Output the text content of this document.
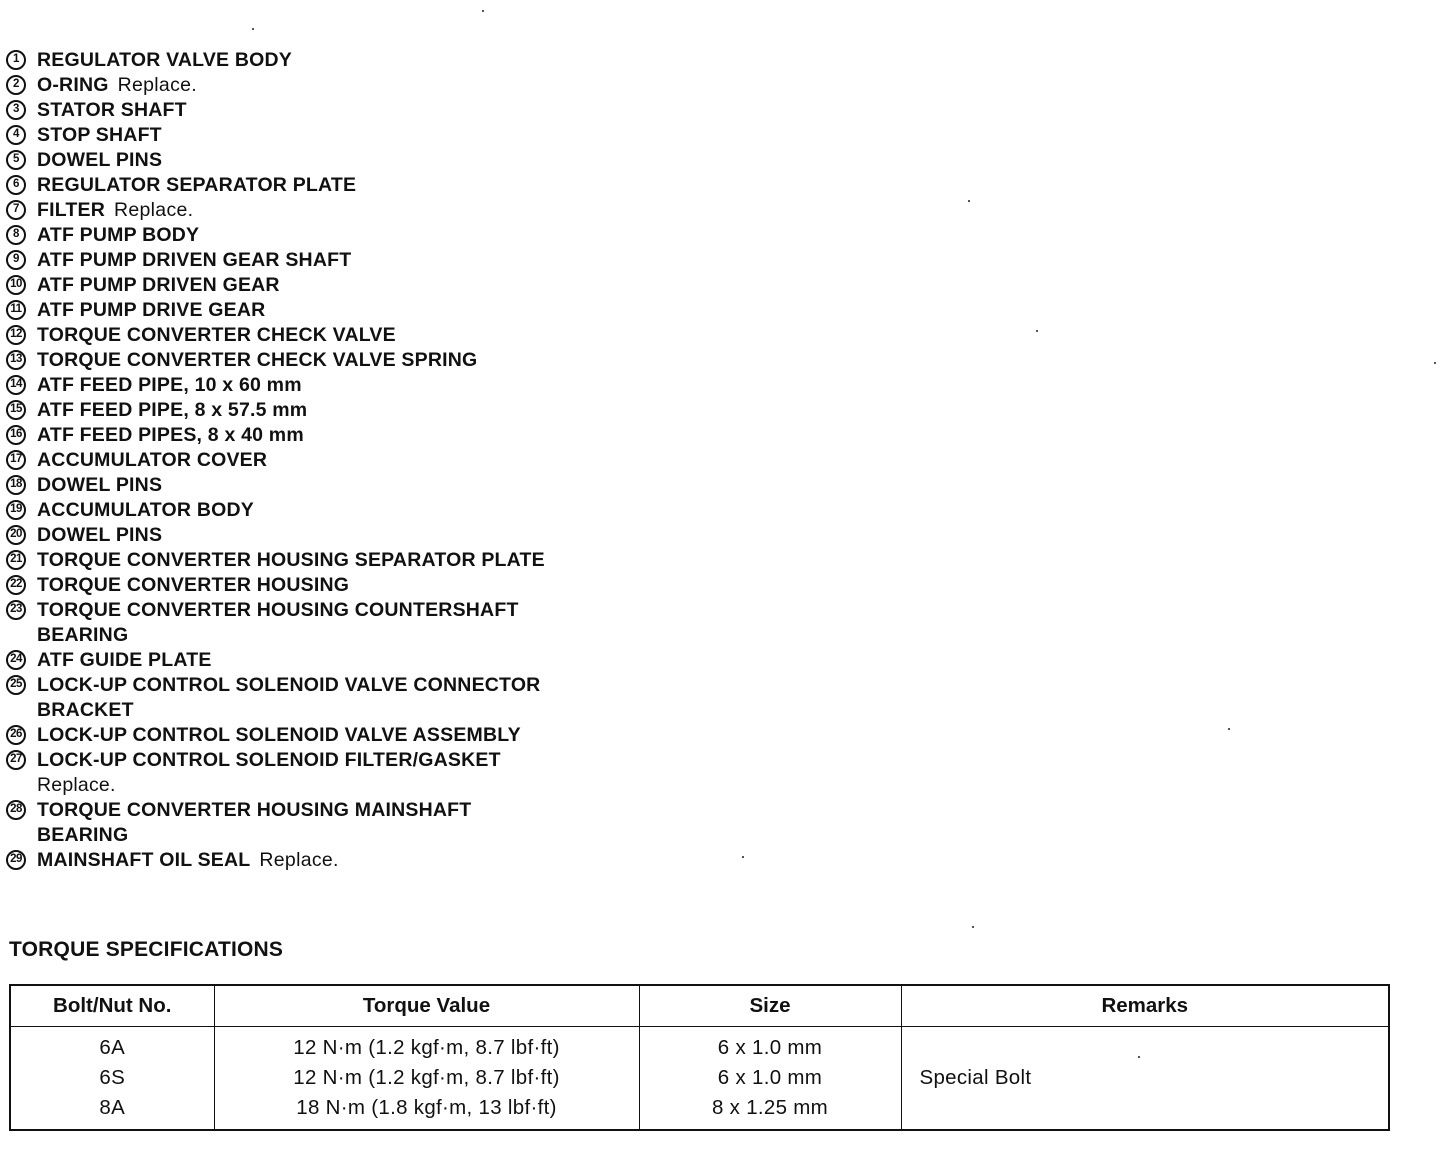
1 REGULATOR VALVE BODY
2 O-RING Replace.
3 STATOR SHAFT
4 STOP SHAFT
5 DOWEL PINS
6 REGULATOR SEPARATOR PLATE
7 FILTER Replace.
8 ATF PUMP BODY
9 ATF PUMP DRIVEN GEAR SHAFT
10 ATF PUMP DRIVEN GEAR
11 ATF PUMP DRIVE GEAR
12 TORQUE CONVERTER CHECK VALVE
13 TORQUE CONVERTER CHECK VALVE SPRING
14 ATF FEED PIPE, 10 x 60 mm
15 ATF FEED PIPE, 8 x 57.5 mm
16 ATF FEED PIPES, 8 x 40 mm
17 ACCUMULATOR COVER
18 DOWEL PINS
19 ACCUMULATOR BODY
20 DOWEL PINS
21 TORQUE CONVERTER HOUSING SEPARATOR PLATE
22 TORQUE CONVERTER HOUSING
23 TORQUE CONVERTER HOUSING COUNTERSHAFT
BEARING
24 ATF GUIDE PLATE
25 LOCK-UP CONTROL SOLENOID VALVE CONNECTOR
BRACKET
26 LOCK-UP CONTROL SOLENOID VALVE ASSEMBLY
27 LOCK-UP CONTROL SOLENOID FILTER/GASKET
Replace.
28 TORQUE CONVERTER HOUSING MAINSHAFT
BEARING
29 MAINSHAFT OIL SEAL Replace.
TORQUE SPECIFICATIONS
Bolt/Nut No.	Torque Value	Size	Remarks
6A	12 N·m (1.2 kgf·m, 8.7 lbf·ft)	6 x 1.0 mm	
6S	12 N·m (1.2 kgf·m, 8.7 lbf·ft)	6 x 1.0 mm	Special Bolt
8A	18 N·m (1.8 kgf·m, 13 lbf·ft)	8 x 1.25 mm	
